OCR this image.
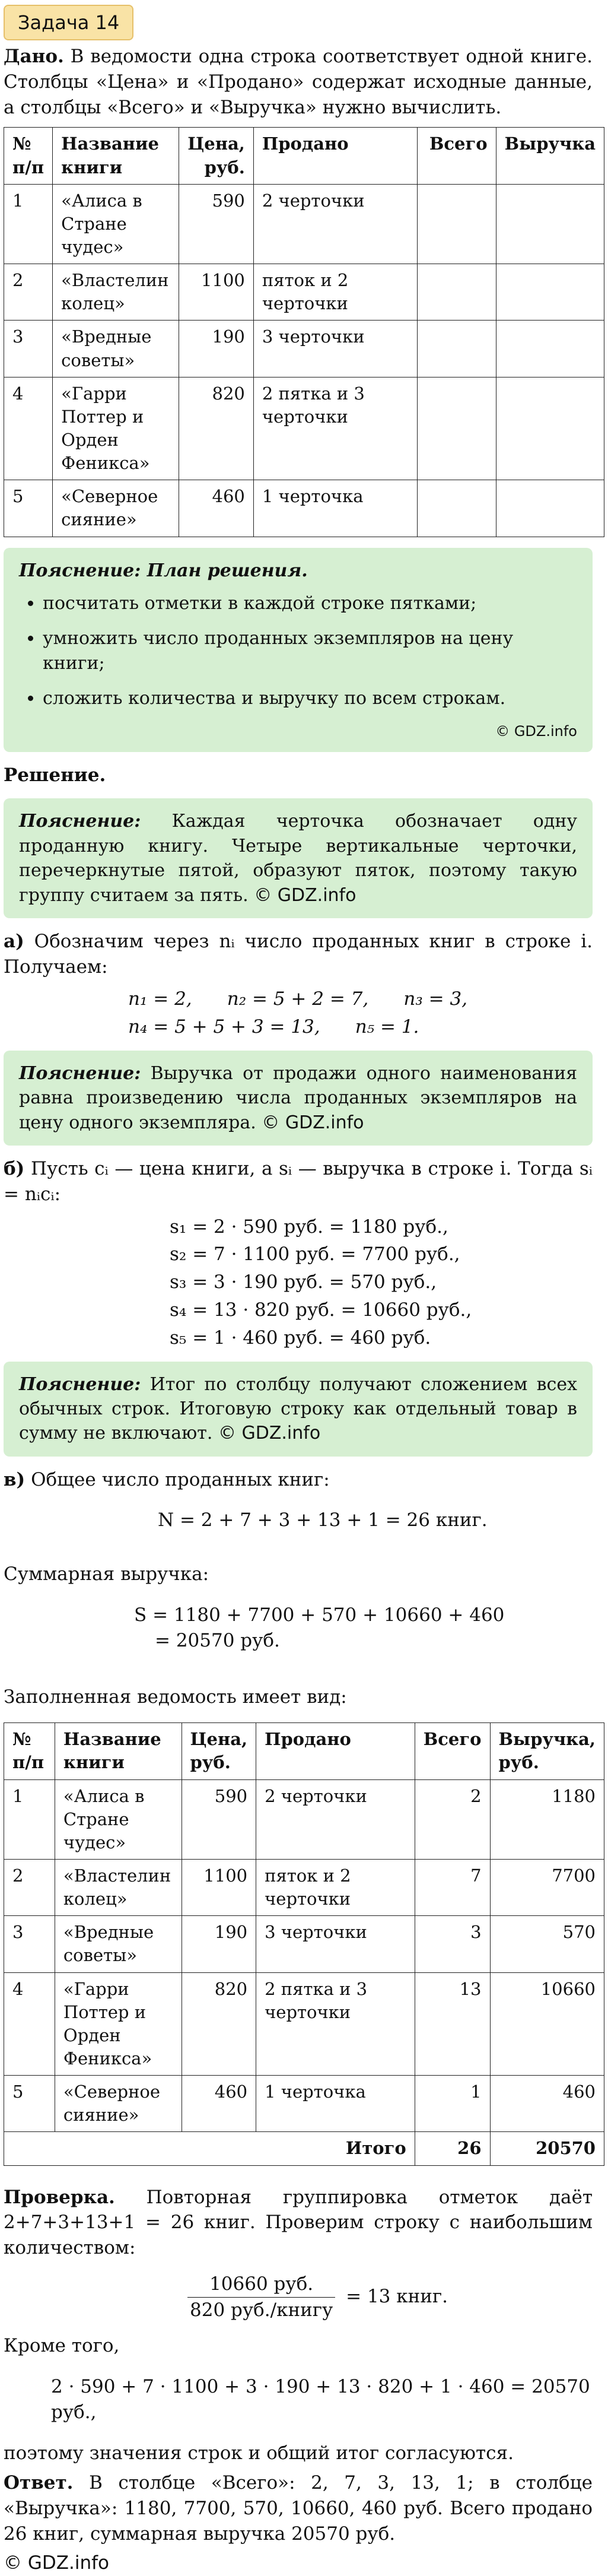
Задача 14

Дано. В ведомости одна строка соответствует одной книге. Столбцы «Цена» и «Продано» содержат исходные данные, а столбцы «Всего» и «Выручка» нужно вычислить.

№ п/п	Название книги	Цена, руб.	Продано	Всего	Выручка
1	«Алиса в Стране чудес»	590	2 черточки		
2	«Властелин колец»	1100	пяток и 2 черточки		
3	«Вредные советы»	190	3 черточки		
4	«Гарри Поттер и Орден Феникса»	820	2 пятка и 3 черточки		
5	«Северное сияние»	460	1 черточка		
Пояснение: План решения.
• посчитать отметки в каждой строке пятками;
• умножить число проданных экземпляров на цену книги;
• сложить количества и выручку по всем строкам.
© GDZ.info

Решение.

Пояснение: Каждая черточка обозначает одну проданную книгу. Четыре вертикальные черточки, перечеркнутые пятой, образуют пяток, поэтому такую группу считаем за пять. © GDZ.info

а) Обозначим через nᵢ число проданных книг в строке i. Получаем:

n₁ = 2,      n₂ = 5 + 2 = 7,      n₃ = 3,
n₄ = 5 + 5 + 3 = 13,      n₅ = 1.

Пояснение: Выручка от продажи одного наименования равна произведению числа проданных экземпляров на цену одного экземпляра. © GDZ.info

б) Пусть cᵢ — цена книги, а sᵢ — выручка в строке i. Тогда sᵢ = nᵢcᵢ:

s₁ = 2 · 590 руб. = 1180 руб.,
s₂ = 7 · 1100 руб. = 7700 руб.,
s₃ = 3 · 190 руб. = 570 руб.,
s₄ = 13 · 820 руб. = 10660 руб.,
s₅ = 1 · 460 руб. = 460 руб.

Пояснение: Итог по столбцу получают сложением всех обычных строк. Итоговую строку как отдельный товар в сумму не включают. © GDZ.info

в) Общее число проданных книг:

N = 2 + 7 + 3 + 13 + 1 = 26 книг.

Суммарная выручка:

S = 1180 + 7700 + 570 + 10660 + 460
= 20570 руб.

Заполненная ведомость имеет вид:

№ п/п	Название книги	Цена, руб.	Продано	Всего	Выручка, руб.
1	«Алиса в Стране чудес»	590	2 черточки	2	1180
2	«Властелин колец»	1100	пяток и 2 черточки	7	7700
3	«Вредные советы»	190	3 черточки	3	570
4	«Гарри Поттер и Орден Феникса»	820	2 пятка и 3 черточки	13	10660
5	«Северное сияние»	460	1 черточка	1	460
Итого				26	20570

Проверка. Повторная группировка отметок даёт 2+7+3+13+1 = 26 книг. Проверим строку с наибольшим количеством:

$\frac{\text{10660 руб.}}{\text{820 руб./книгу}} = 13$ книг.

Кроме того,

2 · 590 + 7 · 1100 + 3 · 190 + 13 · 820 + 1 · 460 = 20570 руб.,

поэтому значения строк и общий итог согласуются.

Ответ. В столбце «Всего»: 2, 7, 3, 13, 1; в столбце «Выручка»: 1180, 7700, 570, 10660, 460 руб. Всего продано 26 книг, суммарная выручка 20570 руб.

© GDZ.info
